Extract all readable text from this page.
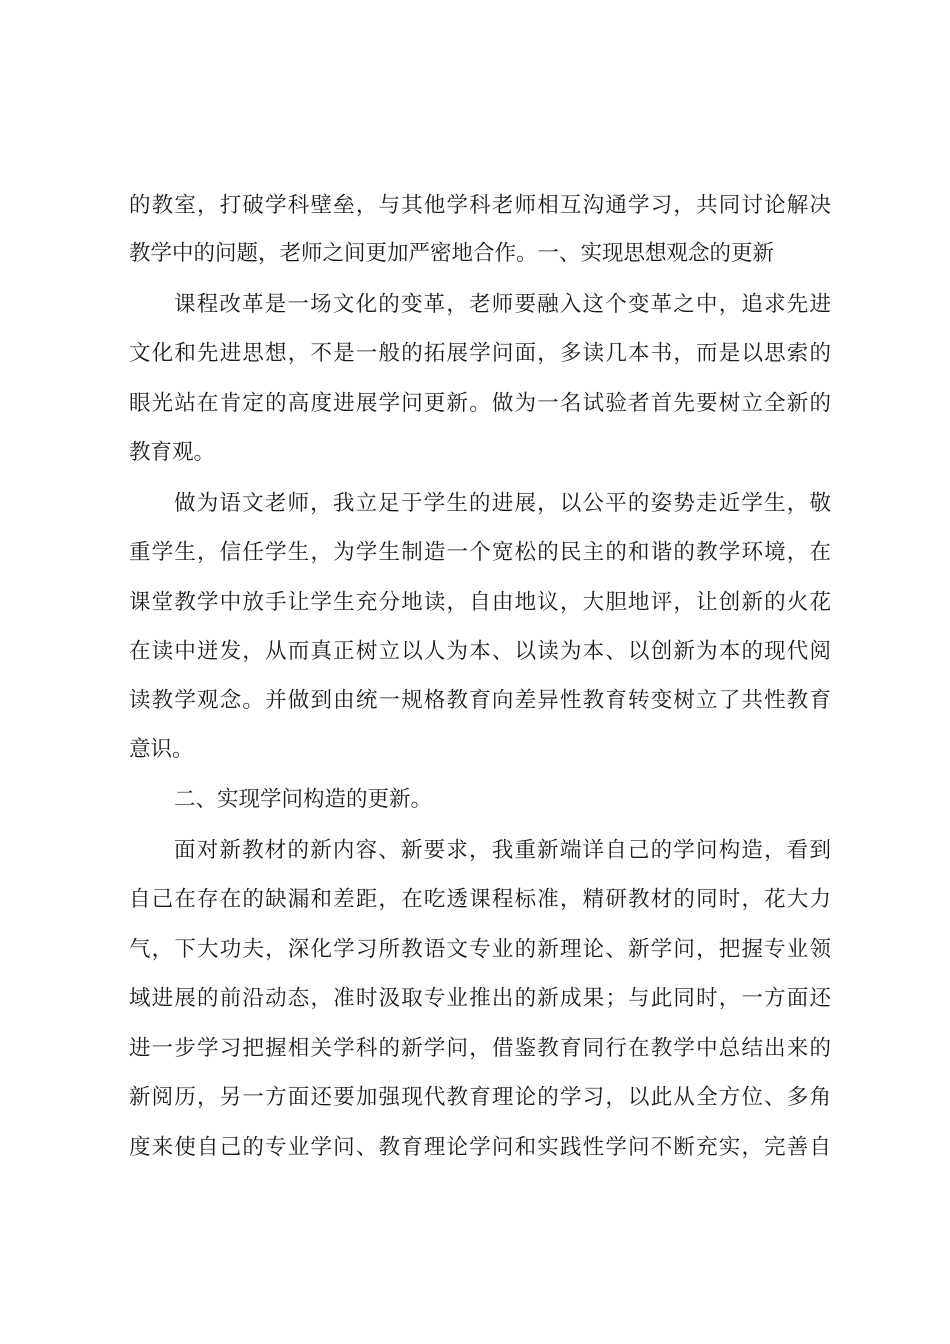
的教室，打破学科壁垒，与其他学科老师相互沟通学习，共同讨论解决
教学中的问题，老师之间更加严密地合作。一、实现思想观念的更新
课程改革是一场文化的变革，老师要融入这个变革之中，追求先进
文化和先进思想，不是一般的拓展学问面，多读几本书，而是以思索的
眼光站在肯定的高度进展学问更新。做为一名试验者首先要树立全新的
教育观。
做为语文老师，我立足于学生的进展，以公平的姿势走近学生，敬
重学生，信任学生，为学生制造一个宽松的民主的和谐的教学环境，在
课堂教学中放手让学生充分地读，自由地议，大胆地评，让创新的火花
在读中迸发，从而真正树立以人为本、以读为本、以创新为本的现代阅
读教学观念。并做到由统一规格教育向差异性教育转变树立了共性教育
意识。
二、实现学问构造的更新。
面对新教材的新内容、新要求，我重新端详自己的学问构造，看到
自己在存在的缺漏和差距，在吃透课程标准，精研教材的同时，花大力
气，下大功夫，深化学习所教语文专业的新理论、新学问，把握专业领
域进展的前沿动态，准时汲取专业推出的新成果；与此同时，一方面还
进一步学习把握相关学科的新学问，借鉴教育同行在教学中总结出来的
新阅历，另一方面还要加强现代教育理论的学习，以此从全方位、多角
度来使自己的专业学问、教育理论学问和实践性学问不断充实，完善自
